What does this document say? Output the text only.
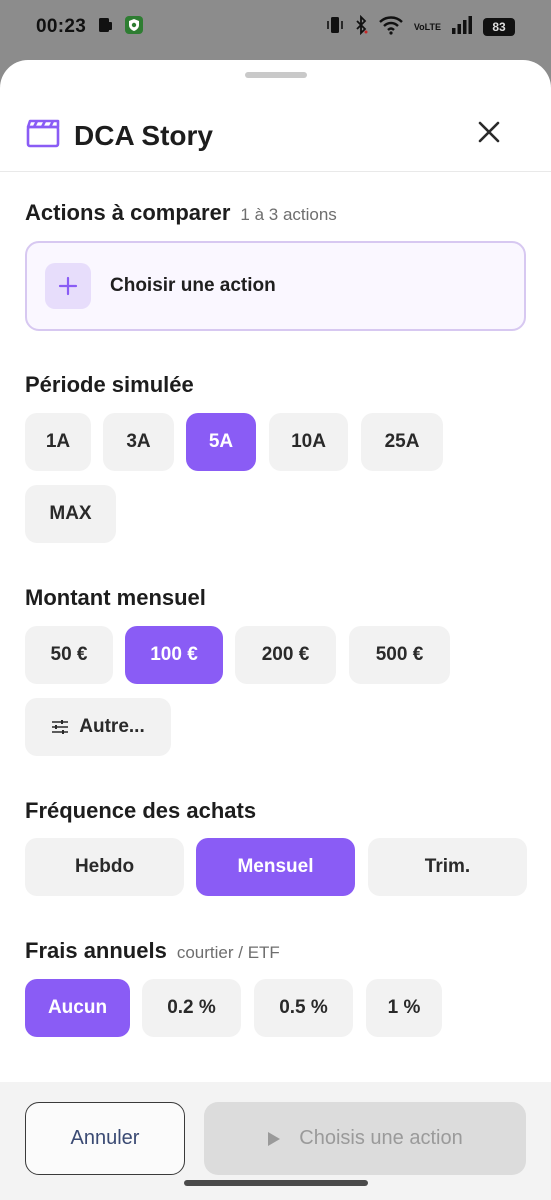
00:23	VoLTE	83
DCA Story
Actions à comparer 1 à 3 actions
Choisir une action
Période simulée
1A	3A	5A	10A	25A
MAX
Montant mensuel
50 €	100 €	200 €	500 €
Autre...
Fréquence des achats
Hebdo	Mensuel	Trim.
Frais annuels courtier / ETF
Aucun	0.2 %	0.5 %	1 %
Annuler	Choisis une action
